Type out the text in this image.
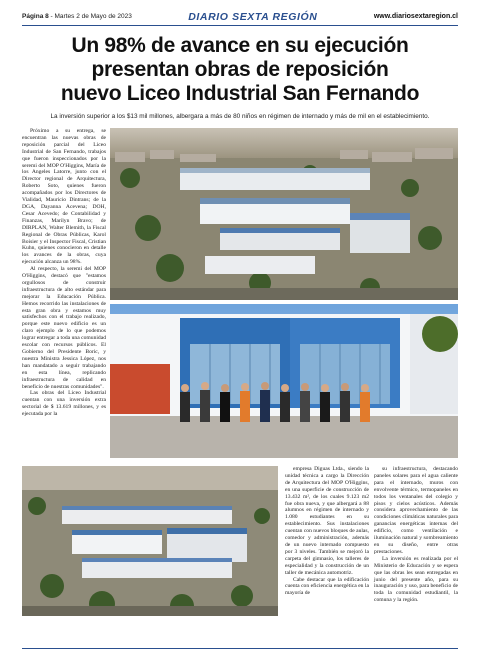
Página 8 - Martes 2 de Mayo de 2023	DIARIO SEXTA REGIÓN	www.diariosextaregion.cl
Un 98% de avance en su ejecución
presentan obras de reposición
nuevo Liceo Industrial San Fernando
La inversión superior a los $13 mil millones, albergara a más de 80 niños en régimen de internado y más de mil en el establecimiento.

Próximo a su entrega, se encuentran las nuevas obras de reposición parcial del Liceo Industrial de San Fernando, trabajos que fueron inspeccionados por la seremi del MOP O'Higgins, María de los Angeles Latorre, junto con el Director regional de Arquitectura, Roberto Soto, quienes fueron acompañados por los Directores de Vialidad, Mauricio Dintrans; de la DGA, Dayanna Acevena; DOH, Cesar Acevedo; de Contabilidad y Finanzas, Marilyn Bravo; de DIRPLAN, Walter Blemith, la Fiscal Regional de Obras Públicas, Karol Boisier y el Inspector Fiscal, Cristian Kuhn, quienes conocieron en detalle los avances de la obras, cuya ejecución alcanza un 98%.

Al respecto, la seremi del MOP O'Higgins, destacó que "estamos orgullosos de construir infraestructura de alto estándar para mejorar la Educación Pública. Hemos recorrido las instalaciones de esta gran obra y estamos muy satisfechos con el trabajo realizado, porque este nuevo edificio es un claro ejemplo de lo que podemos lograr entregar a toda una comunidad escolar con recursos públicos. El Gobierno del Presidente Boric, y nuestra Ministra Jessica López, nos han mandatado a seguir trabajando en esta línea, replicando infraestructura de calidad en beneficio de nuestras comunidades".

Las obras del Liceo Industrial cuentan con una inversión extra sectorial de $ 13.619 millones, y es ejecutada por la

empresa Diguas Ltda., siendo la unidad técnica a cargo la Dirección de Arquitectura del MOP O'Higgins, en una superficie de construcción de 13.432 m², de los cuales 9.123 m2 fue obra nueva, y que albergará a 88 alumnos en régimen de internado y 1.080 estudiantes en su establecimiento. Sus instalaciones cuentan con nuevos bloques de aulas, comedor y administración, además de un nuevo internado compuesto por 3 niveles. También se mejoró la carpeta del gimnasio, los talleres de especialidad y la construcción de un taller de mecánica automotriz.

Cabe destacar que la edificación cuenta con eficiencia energética en la mayoría de

su infraestructura, destacando paneles solares para el agua caliente para el internado, muros con envolvente térmico, termopaneles en todos los ventanales del colegio y pisos y cielos acústicos. Además considera aprovechamiento de las condiciones climáticas naturales para ganancias energéticas internas del edificio, como ventilación e iluminación natural y sombreamiento en su diseño, entre otras prestaciones.

La inversión es realizada por el Ministerio de Educación y se espera que las obras les sean entregadas en junio del presente año, para su inauguración y uso, para beneficio de toda la comunidad estudiantil, la comuna y la región.
